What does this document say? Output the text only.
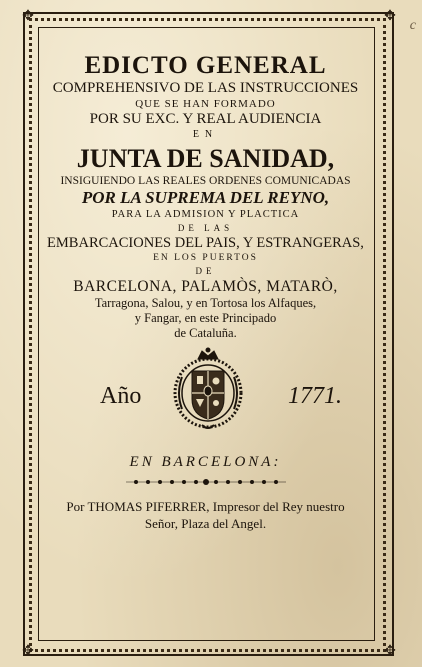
✥	✥
✥	✥
c

EDICTO GENERAL

COMPREHENSIVO DE LAS INSTRUCCIONES

QUE SE HAN FORMADO

POR SU EXC. Y REAL AUDIENCIA

EN

JUNTA DE SANIDAD,

INSIGUIENDO LAS REALES ORDENES COMUNICADAS

POR LA SUPREMA DEL REYNO,

PARA LA ADMISION Y PLACTICA

DE LAS

EMBARCACIONES DEL PAIS, Y ESTRANGERAS,

EN LOS PUERTOS

DE

BARCELONA, PALAMÒS, MATARÒ,

Tarragona, Salou, y en Tortosa los Alfaques,

y Fangar, en este Principado

de Cataluña.

Año	1771.

EN BARCELONA:

Por THOMAS PIFERRER, Impresor del Rey nuestro

Señor, Plaza del Angel.
